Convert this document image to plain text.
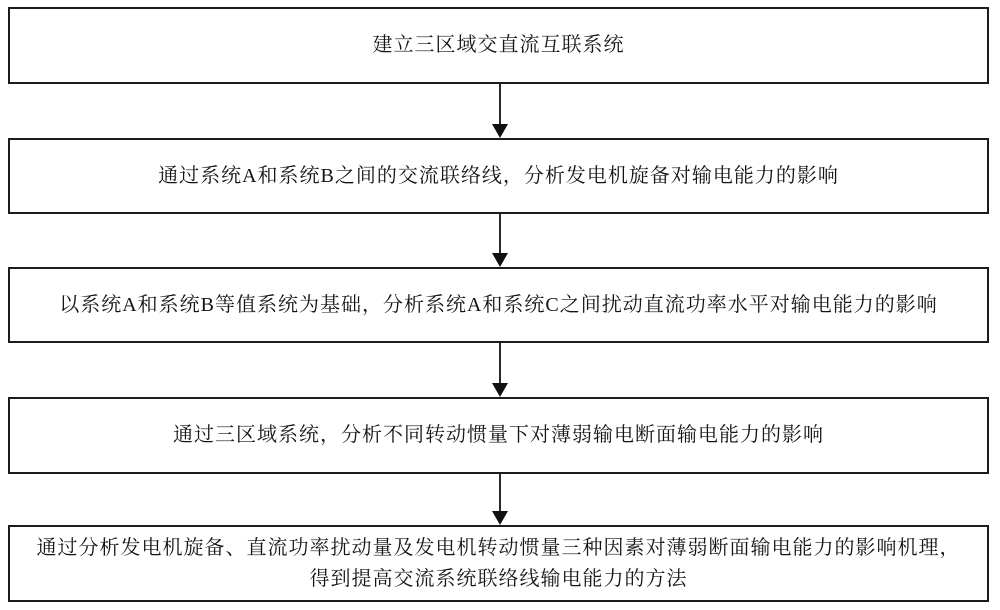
建立三区域交直流互联系统
通过系统A和系统B之间的交流联络线，分析发电机旋备对输电能力的影响
以系统A和系统B等值系统为基础，分析系统A和系统C之间扰动直流功率水平对输电能力的影响
通过三区域系统，分析不同转动惯量下对薄弱输电断面输电能力的影响
通过分析发电机旋备、直流功率扰动量及发电机转动惯量三种因素对薄弱断面输电能力的影响机理，
得到提高交流系统联络线输电能力的方法
